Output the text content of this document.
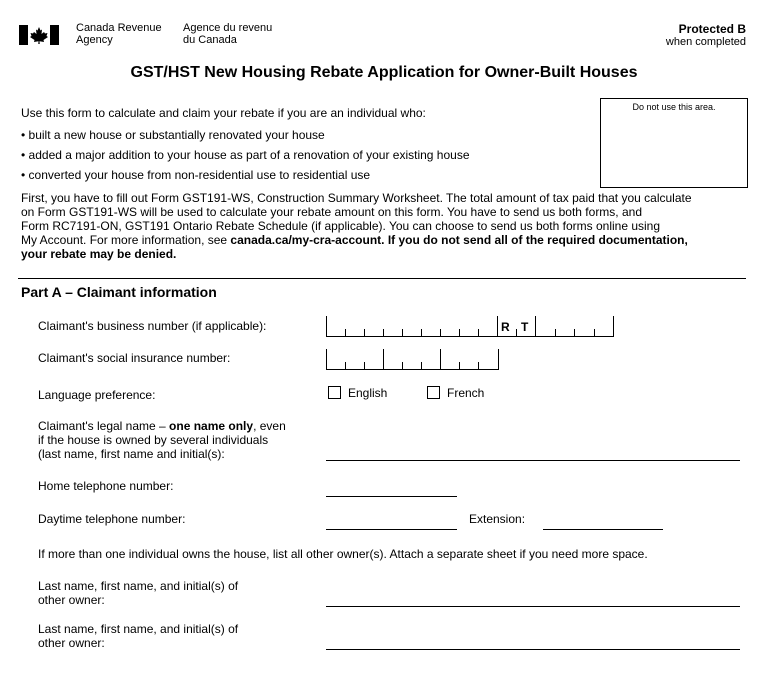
Canada Revenue
Agency
Agence du revenu
du Canada
Protected B
when completed
GST/HST New Housing Rebate Application for Owner-Built Houses
Do not use this area.
Use this form to calculate and claim your rebate if you are an individual who:
• built a new house or substantially renovated your house
• added a major addition to your house as part of a renovation of your existing house
• converted your house from non-residential use to residential use
First, you have to fill out Form GST191-WS, Construction Summary Worksheet. The total amount of tax paid that you calculate
on Form GST191-WS will be used to calculate your rebate amount on this form. You have to send us both forms, and
Form RC7191-ON, GST191 Ontario Rebate Schedule (if applicable). You can choose to send us both forms online using
My Account. For more information, see canada.ca/my-cra-account. If you do not send all of the required documentation,
your rebate may be denied.
Part A – Claimant information
Claimant's business number (if applicable):	R T
Claimant's social insurance number:
Language preference:	English	French
Claimant's legal name – one name only, even
if the house is owned by several individuals
(last name, first name and initial(s):
Home telephone number:
Daytime telephone number:	Extension:
If more than one individual owns the house, list all other owner(s). Attach a separate sheet if you need more space.
Last name, first name, and initial(s) of
other owner:
Last name, first name, and initial(s) of
other owner:
